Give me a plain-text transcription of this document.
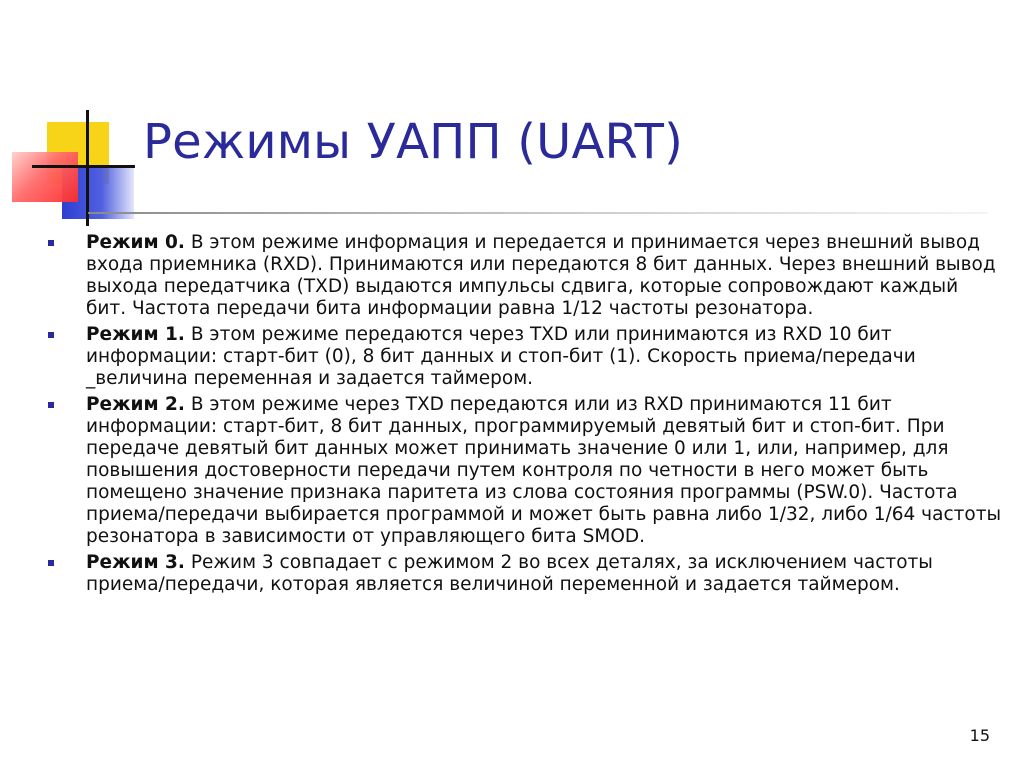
Режимы УАПП (UART)
Режим 0. В этом режиме информация и передается и принимается через внешний вывод входа приемника (RXD). Принимаются или передаются 8 бит данных. Через внешний вывод выхода передатчика (TXD) выдаются импульсы сдвига, которые сопровождают каждый бит. Частота передачи бита информации равна 1/12 частоты резонатора.
Режим 1. В этом режиме передаются через TXD или принимаются из RXD 10 бит информации: старт-бит (0), 8 бит данных и стоп-бит (1). Скорость приема/передачи _величина переменная и задается таймером.
Режим 2. В этом режиме через TXD передаются или из RXD принимаются 11 бит информации: старт-бит, 8 бит данных, программируемый девятый бит и стоп-бит. При передаче девятый бит данных может принимать значение 0 или 1, или, например, для повышения достоверности передачи путем контроля по четности в него может быть помещено значение признака паритета из слова состояния программы (PSW.0). Частота приема/передачи выбирается программой и может быть равна либо 1/32, либо 1/64 частоты резонатора в зависимости от управляющего бита SMOD.
Режим 3. Режим 3 совпадает с режимом 2 во всех деталях, за исключением частоты приема/передачи, которая является величиной переменной и задается таймером.
15
